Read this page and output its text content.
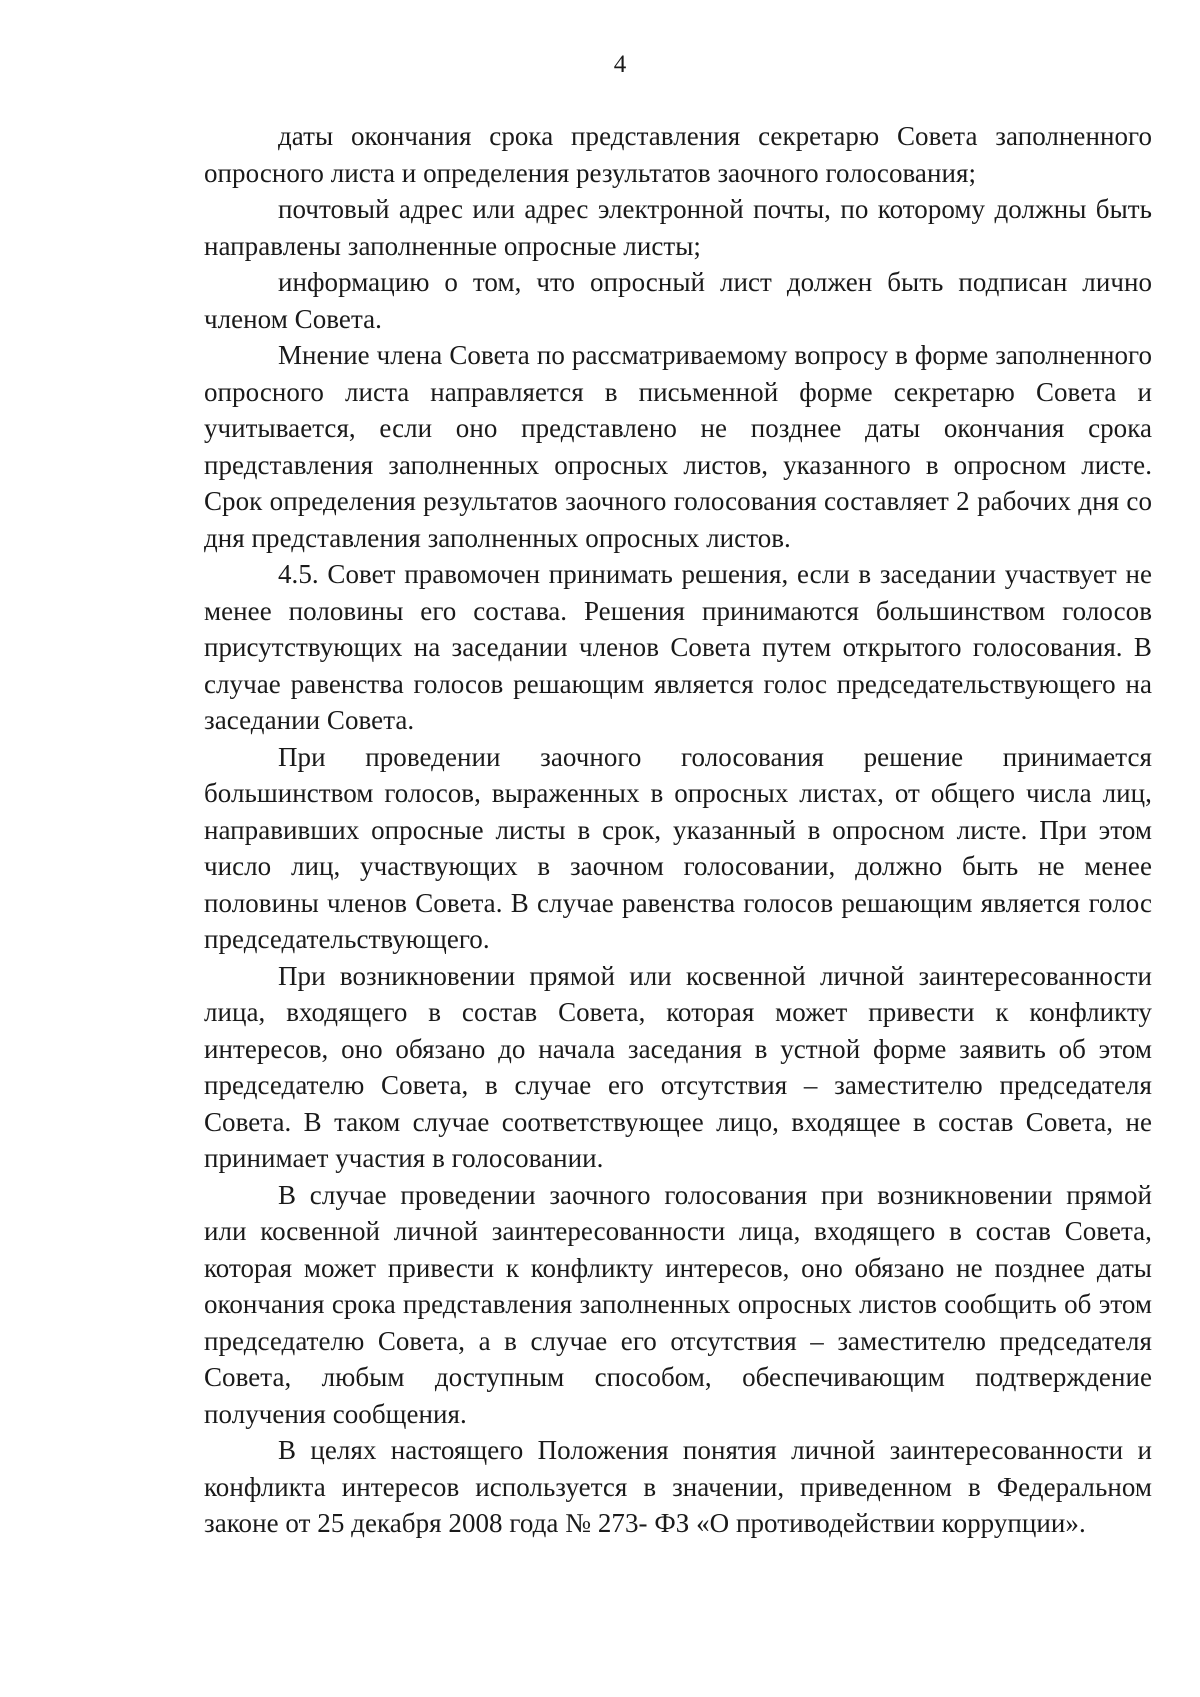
4

даты окончания срока представления секретарю Совета заполненного опросного листа и определения результатов заочного голосования;

почтовый адрес или адрес электронной почты, по которому должны быть направлены заполненные опросные листы;

информацию о том, что опросный лист должен быть подписан лично членом Совета.

Мнение члена Совета по рассматриваемому вопросу в форме заполненного опросного листа направляется в письменной форме секретарю Совета и учитывается, если оно представлено не позднее даты окончания срока представления заполненных опросных листов, указанного в опросном листе. Срок определения результатов заочного голосования составляет 2 рабочих дня со дня представления заполненных опросных листов.

4.5. Совет правомочен принимать решения, если в заседании участвует не менее половины его состава. Решения принимаются большинством голосов присутствующих на заседании членов Совета путем открытого голосования. В случае равенства голосов решающим является голос председательствующего на заседании Совета.

При проведении заочного голосования решение принимается большинством голосов, выраженных в опросных листах, от общего числа лиц, направивших опросные листы в срок, указанный в опросном листе. При этом число лиц, участвующих в заочном голосовании, должно быть не менее половины членов Совета. В случае равенства голосов решающим является голос председательствующего.

При возникновении прямой или косвенной личной заинтересованности лица, входящего в состав Совета, которая может привести к конфликту интересов, оно обязано до начала заседания в устной форме заявить об этом председателю Совета, в случае его отсутствия – заместителю председателя Совета. В таком случае соответствующее лицо, входящее в состав Совета, не принимает участия в голосовании.

В случае проведении заочного голосования при возникновении прямой или косвенной личной заинтересованности лица, входящего в состав Совета, которая может привести к конфликту интересов, оно обязано не позднее даты окончания срока представления заполненных опросных листов сообщить об этом председателю Совета, а в случае его отсутствия – заместителю председателя Совета, любым доступным способом, обеспечивающим подтверждение получения сообщения.

В целях настоящего Положения понятия личной заинтересованности и конфликта интересов используется в значении, приведенном в Федеральном законе от 25 декабря 2008 года № 273- ФЗ «О противодействии коррупции».
